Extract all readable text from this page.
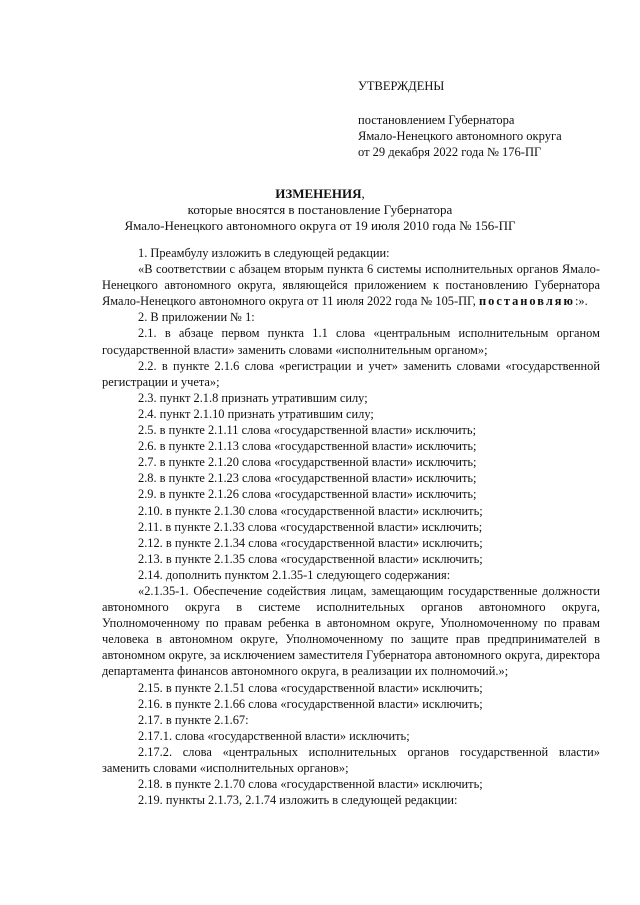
УТВЕРЖДЕНЫ
постановлением Губернатора
Ямало-Ненецкого автономного округа
от 29 декабря 2022 года № 176-ПГ
ИЗМЕНЕНИЯ,
которые вносятся в постановление Губернатора
Ямало-Ненецкого автономного округа от 19 июля 2010 года № 156-ПГ

1. Преамбулу изложить в следующей редакции:

«В соответствии с абзацем вторым пункта 6 системы исполнительных органов Ямало-Ненецкого автономного округа, являющейся приложением к постановлению Губернатора Ямало-Ненецкого автономного округа от 11 июля 2022 года № 105-ПГ, постановляю:».

2. В приложении № 1:

2.1. в абзаце первом пункта 1.1 слова «центральным исполнительным органом государственной власти» заменить словами «исполнительным органом»;

2.2. в пункте 2.1.6 слова «регистрации и учет» заменить словами «государственной регистрации и учета»;

2.3. пункт 2.1.8 признать утратившим силу;

2.4. пункт 2.1.10 признать утратившим силу;

2.5. в пункте 2.1.11 слова «государственной власти» исключить;

2.6. в пункте 2.1.13 слова «государственной власти» исключить;

2.7. в пункте 2.1.20 слова «государственной власти» исключить;

2.8. в пункте 2.1.23 слова «государственной власти» исключить;

2.9. в пункте 2.1.26 слова «государственной власти» исключить;

2.10. в пункте 2.1.30 слова «государственной власти» исключить;

2.11. в пункте 2.1.33 слова «государственной власти» исключить;

2.12. в пункте 2.1.34 слова «государственной власти» исключить;

2.13. в пункте 2.1.35 слова «государственной власти» исключить;

2.14. дополнить пунктом 2.1.35-1 следующего содержания:

«2.1.35-1. Обеспечение содействия лицам, замещающим государственные должности автономного округа в системе исполнительных органов автономного округа, Уполномоченному по правам ребенка в автономном округе, Уполномоченному по правам человека в автономном округе, Уполномоченному по защите прав предпринимателей в автономном округе, за исключением заместителя Губернатора автономного округа, директора департамента финансов автономного округа, в реализации их полномочий.»;

2.15. в пункте 2.1.51 слова «государственной власти» исключить;

2.16. в пункте 2.1.66 слова «государственной власти» исключить;

2.17. в пункте 2.1.67:

2.17.1. слова «государственной власти» исключить;

2.17.2. слова «центральных исполнительных органов государственной власти» заменить словами «исполнительных органов»;

2.18. в пункте 2.1.70 слова «государственной власти» исключить;

2.19. пункты 2.1.73, 2.1.74 изложить в следующей редакции:
